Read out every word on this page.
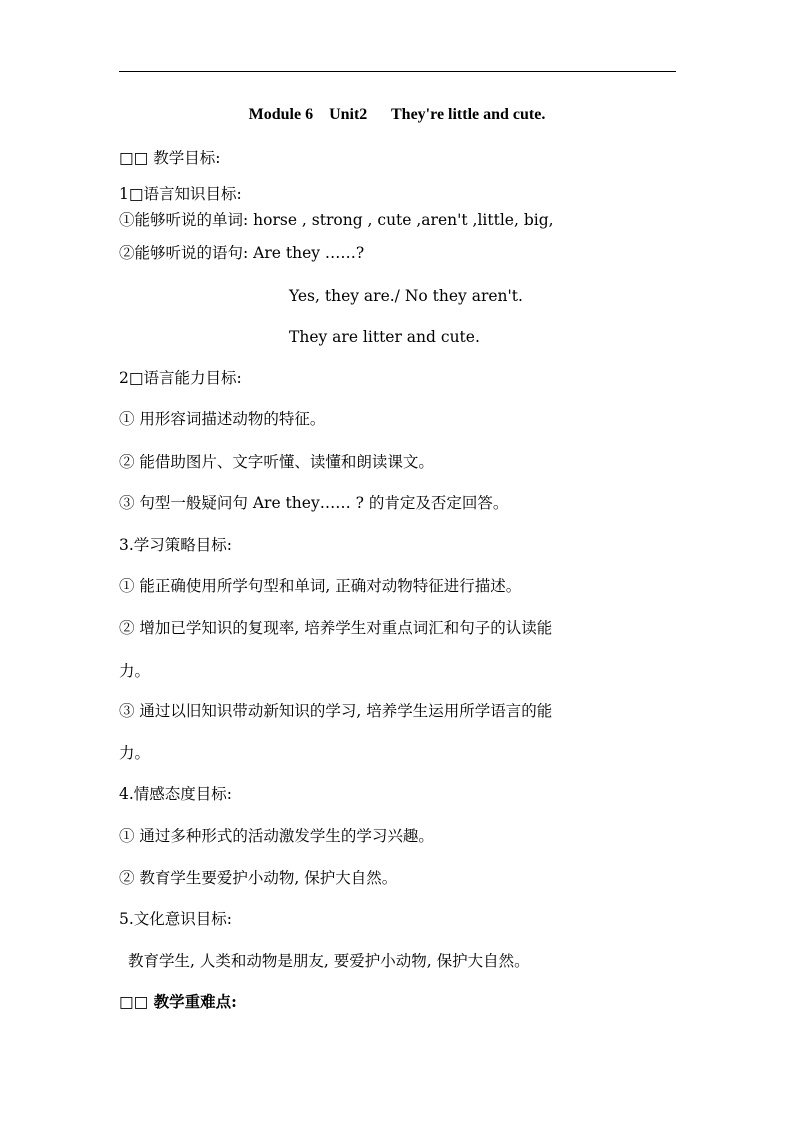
Module 6    Unit2      They're little and cute.
□□ 教学目标:
1□语言知识目标:
①能够听说的单词: horse , strong , cute ,aren't ,little, big,
②能够听说的语句: Are they ……?
Yes, they are./ No they aren't.
They are litter and cute.
2□语言能力目标:
① 用形容词描述动物的特征。
② 能借助图片、文字听懂、读懂和朗读课文。
③ 句型一般疑问句 Are they…… ? 的肯定及否定回答。
3.学习策略目标:
① 能正确使用所学句型和单词, 正确对动物特征进行描述。
② 增加已学知识的复现率, 培养学生对重点词汇和句子的认读能
力。
③ 通过以旧知识带动新知识的学习, 培养学生运用所学语言的能
力。
4.情感态度目标:
① 通过多种形式的活动激发学生的学习兴趣。
② 教育学生要爱护小动物, 保护大自然。
5.文化意识目标:
教育学生, 人类和动物是朋友, 要爱护小动物, 保护大自然。
□□ 教学重难点:
